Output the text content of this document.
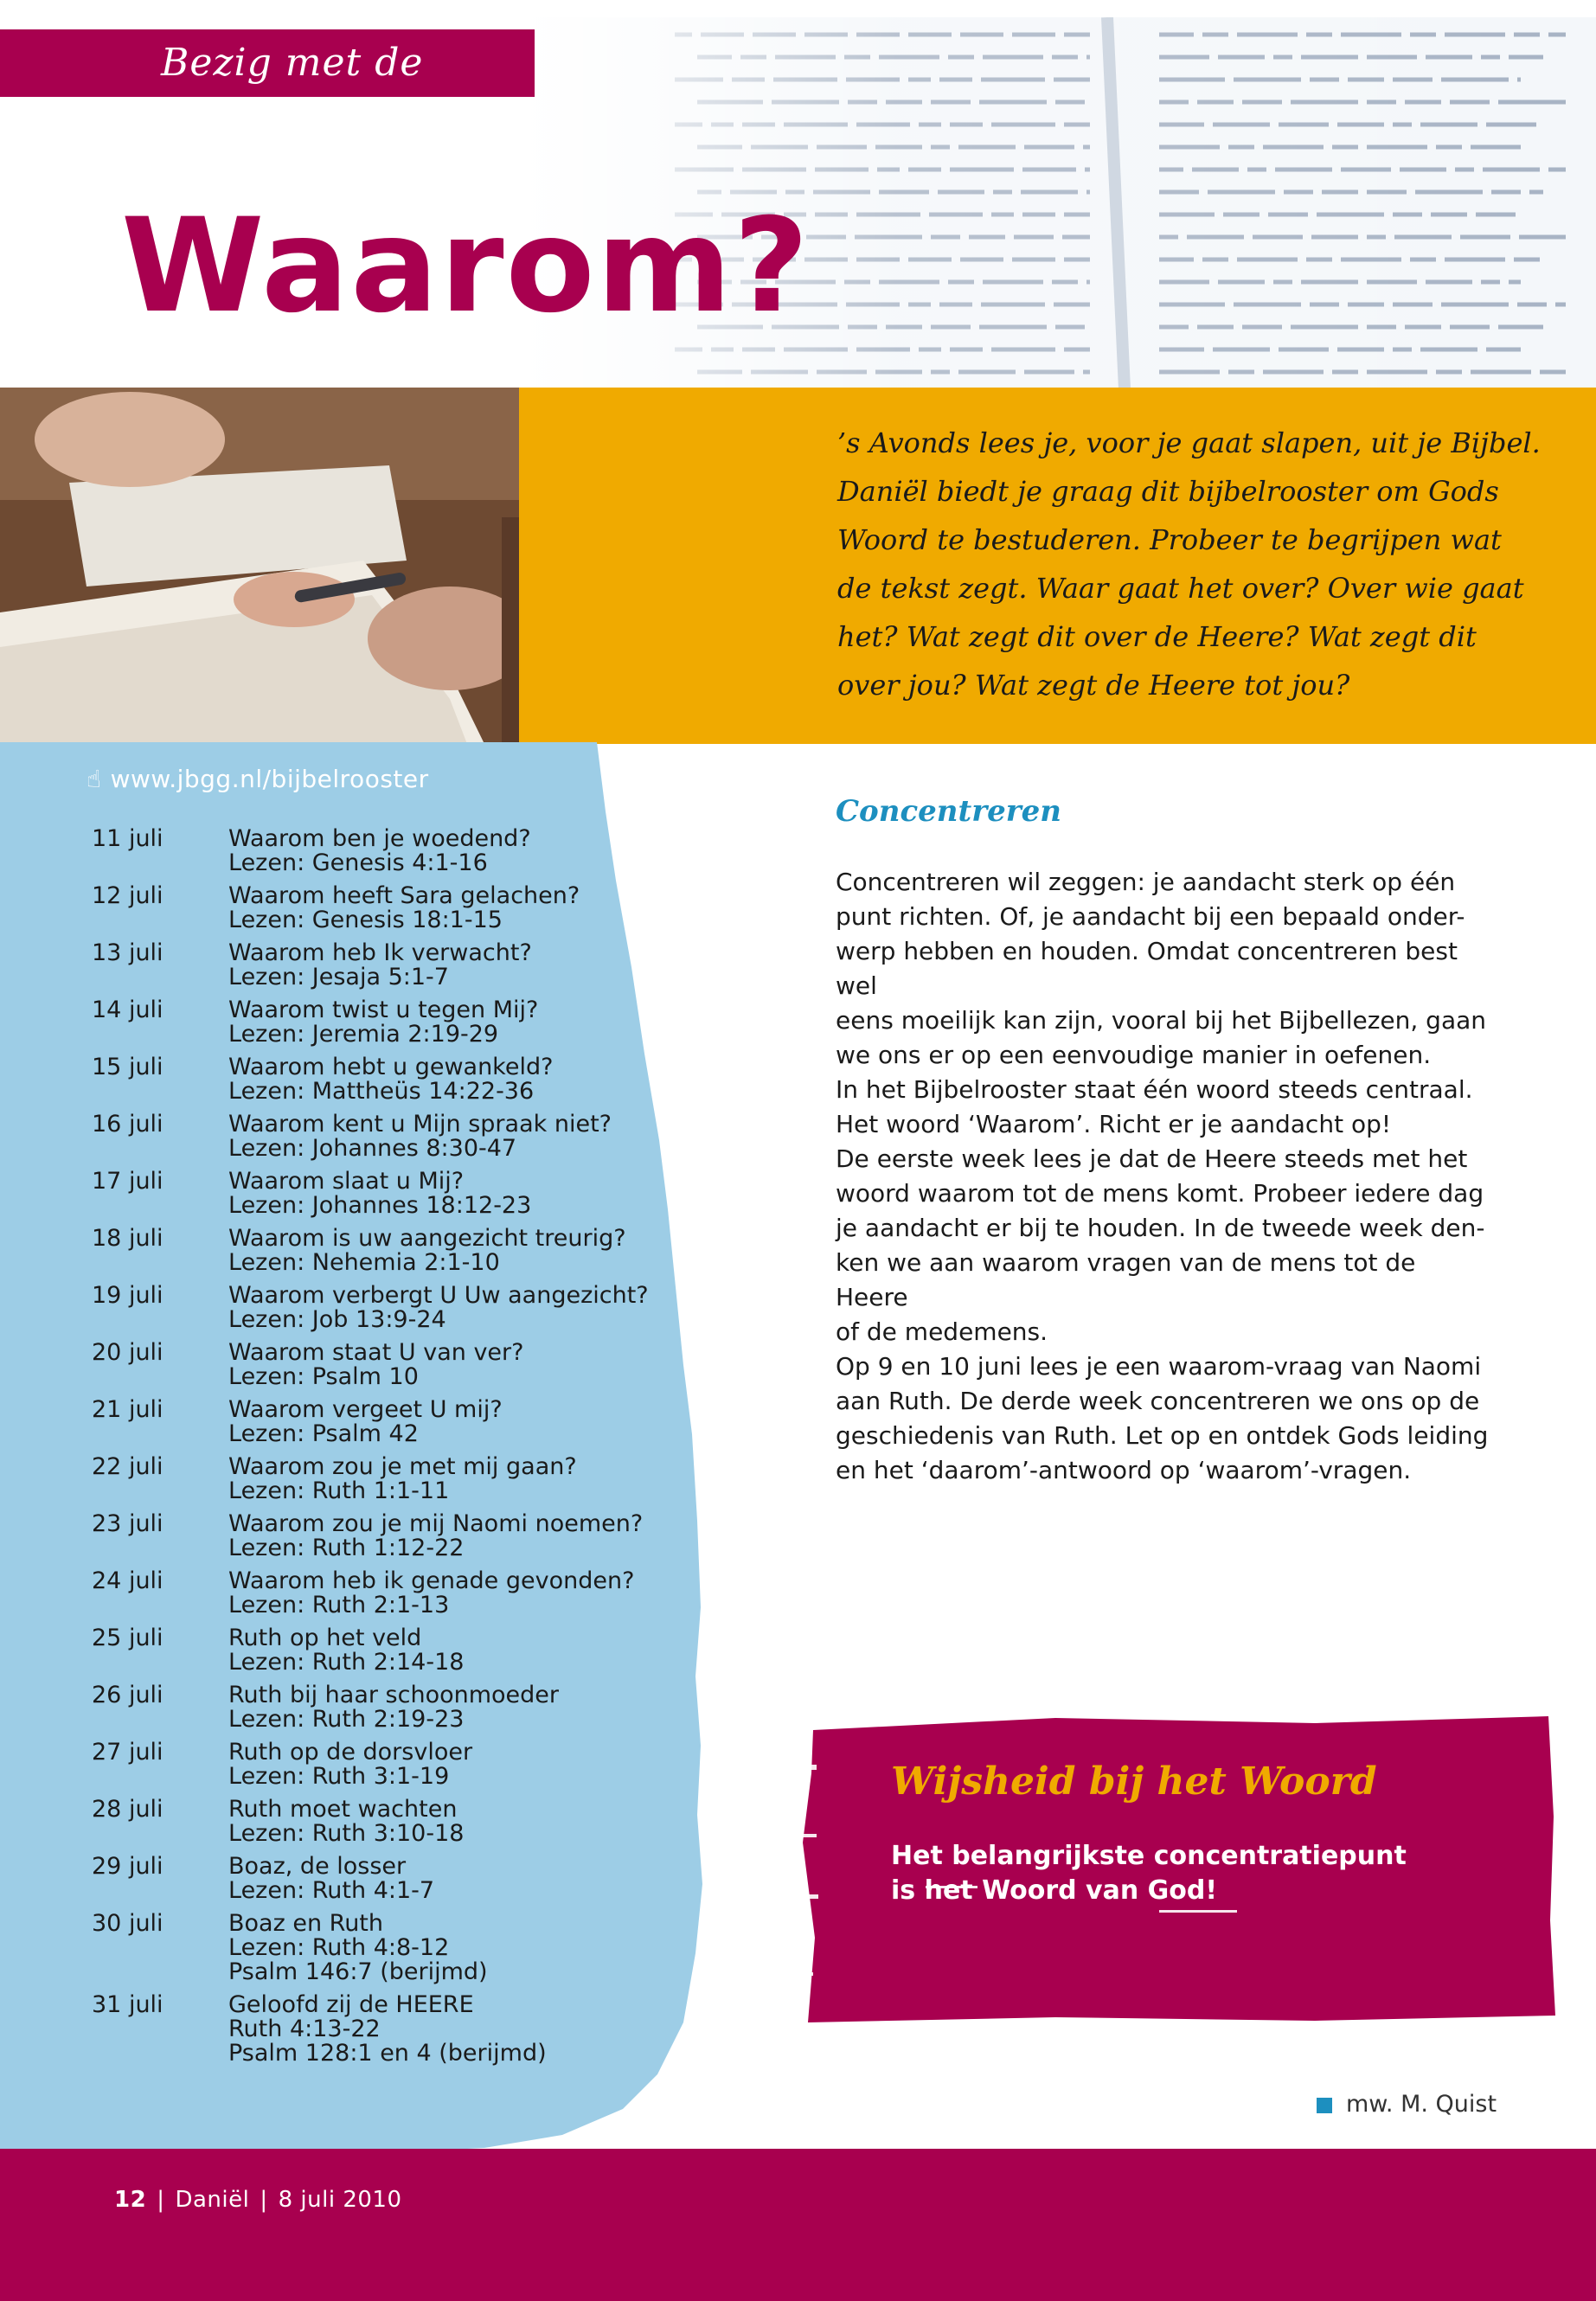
Bezig met de Bijbel
Waarom?
’s Avonds lees je, voor je gaat slapen, uit je Bijbel.
Daniël biedt je graag dit bijbelrooster om Gods
Woord te bestuderen. Probeer te begrijpen wat
de tekst zegt. Waar gaat het over? Over wie gaat
het? Wat zegt dit over de Heere? Wat zegt dit
over jou? Wat zegt de Heere tot jou?
☝ www.jbgg.nl/bijbelrooster
11 juli	Waarom ben je woedend?
Lezen: Genesis 4:1-16
12 juli	Waarom heeft Sara gelachen?
Lezen: Genesis 18:1-15
13 juli	Waarom heb Ik verwacht?
Lezen: Jesaja 5:1-7
14 juli	Waarom twist u tegen Mij?
Lezen: Jeremia 2:19-29
15 juli	Waarom hebt u gewankeld?
Lezen: Mattheüs 14:22-36
16 juli	Waarom kent u Mijn spraak niet?
Lezen: Johannes 8:30-47
17 juli	Waarom slaat u Mij?
Lezen: Johannes 18:12-23
18 juli	Waarom is uw aangezicht treurig?
Lezen: Nehemia 2:1-10
19 juli	Waarom verbergt U Uw aangezicht?
Lezen: Job 13:9-24
20 juli	Waarom staat U van ver?
Lezen: Psalm 10
21 juli	Waarom vergeet U mij?
Lezen: Psalm 42
22 juli	Waarom zou je met mij gaan?
Lezen: Ruth 1:1-11
23 juli	Waarom zou je mij Naomi noemen?
Lezen: Ruth 1:12-22
24 juli	Waarom heb ik genade gevonden?
Lezen: Ruth 2:1-13
25 juli	Ruth op het veld
Lezen: Ruth 2:14-18
26 juli	Ruth bij haar schoonmoeder
Lezen: Ruth 2:19-23
27 juli	Ruth op de dorsvloer
Lezen: Ruth 3:1-19
28 juli	Ruth moet wachten
Lezen: Ruth 3:10-18
29 juli	Boaz, de losser
Lezen: Ruth 4:1-7
30 juli	Boaz en Ruth
Lezen: Ruth 4:8-12
Psalm 146:7 (berijmd)
31 juli	Geloofd zij de HEERE
Ruth 4:13-22
Psalm 128:1 en 4 (berijmd)
Concentreren

Concentreren wil zeggen: je aandacht sterk op één

punt richten. Of, je aandacht bij een bepaald onder-

werp hebben en houden. Omdat concentreren best wel

eens moeilijk kan zijn, vooral bij het Bijbellezen, gaan

we ons er op een eenvoudige manier in oefenen.

In het Bijbelrooster staat één woord steeds centraal.

Het woord ‘Waarom’. Richt er je aandacht op!

De eerste week lees je dat de Heere steeds met het

woord waarom tot de mens komt. Probeer iedere dag

je aandacht er bij te houden. In de tweede week den-

ken we aan waarom vragen van de mens tot de Heere

of de medemens.

Op 9 en 10 juni lees je een waarom-vraag van Naomi

aan Ruth. De derde week concentreren we ons op de

geschiedenis van Ruth. Let op en ontdek Gods leiding

en het ‘daarom’-antwoord op ‘waarom’-vragen.

Wijsheid bij het Woord
Het belangrijkste concentratiepunt
is het Woord van God!
mw. M. Quist
12 | Daniël | 8 juli 2010
